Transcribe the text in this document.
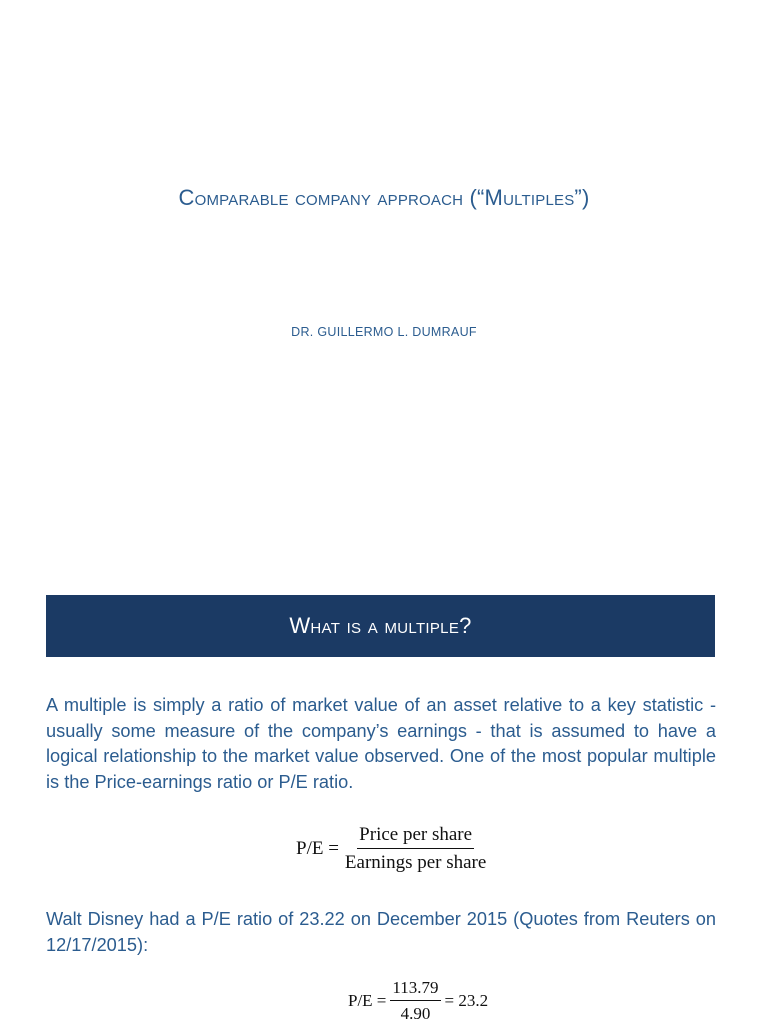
Comparable company approach (“Multiples”)
DR. GUILLERMO L. DUMRAUF
What is a multiple?
A multiple is simply a ratio of market value of an asset relative to a key statistic - usually some measure of the company’s earnings - that is assumed to have a logical relationship to the market value observed. One of the most popular multiple is the Price-earnings ratio or P/E ratio.
$P/E = \frac{\text{Price per share}}{\text{Earnings per share}}$
Walt Disney had a P/E ratio of 23.22 on December 2015 (Quotes from Reuters on 12/17/2015):
$P/E = \frac{113.79}{4.90} = 23.2$
